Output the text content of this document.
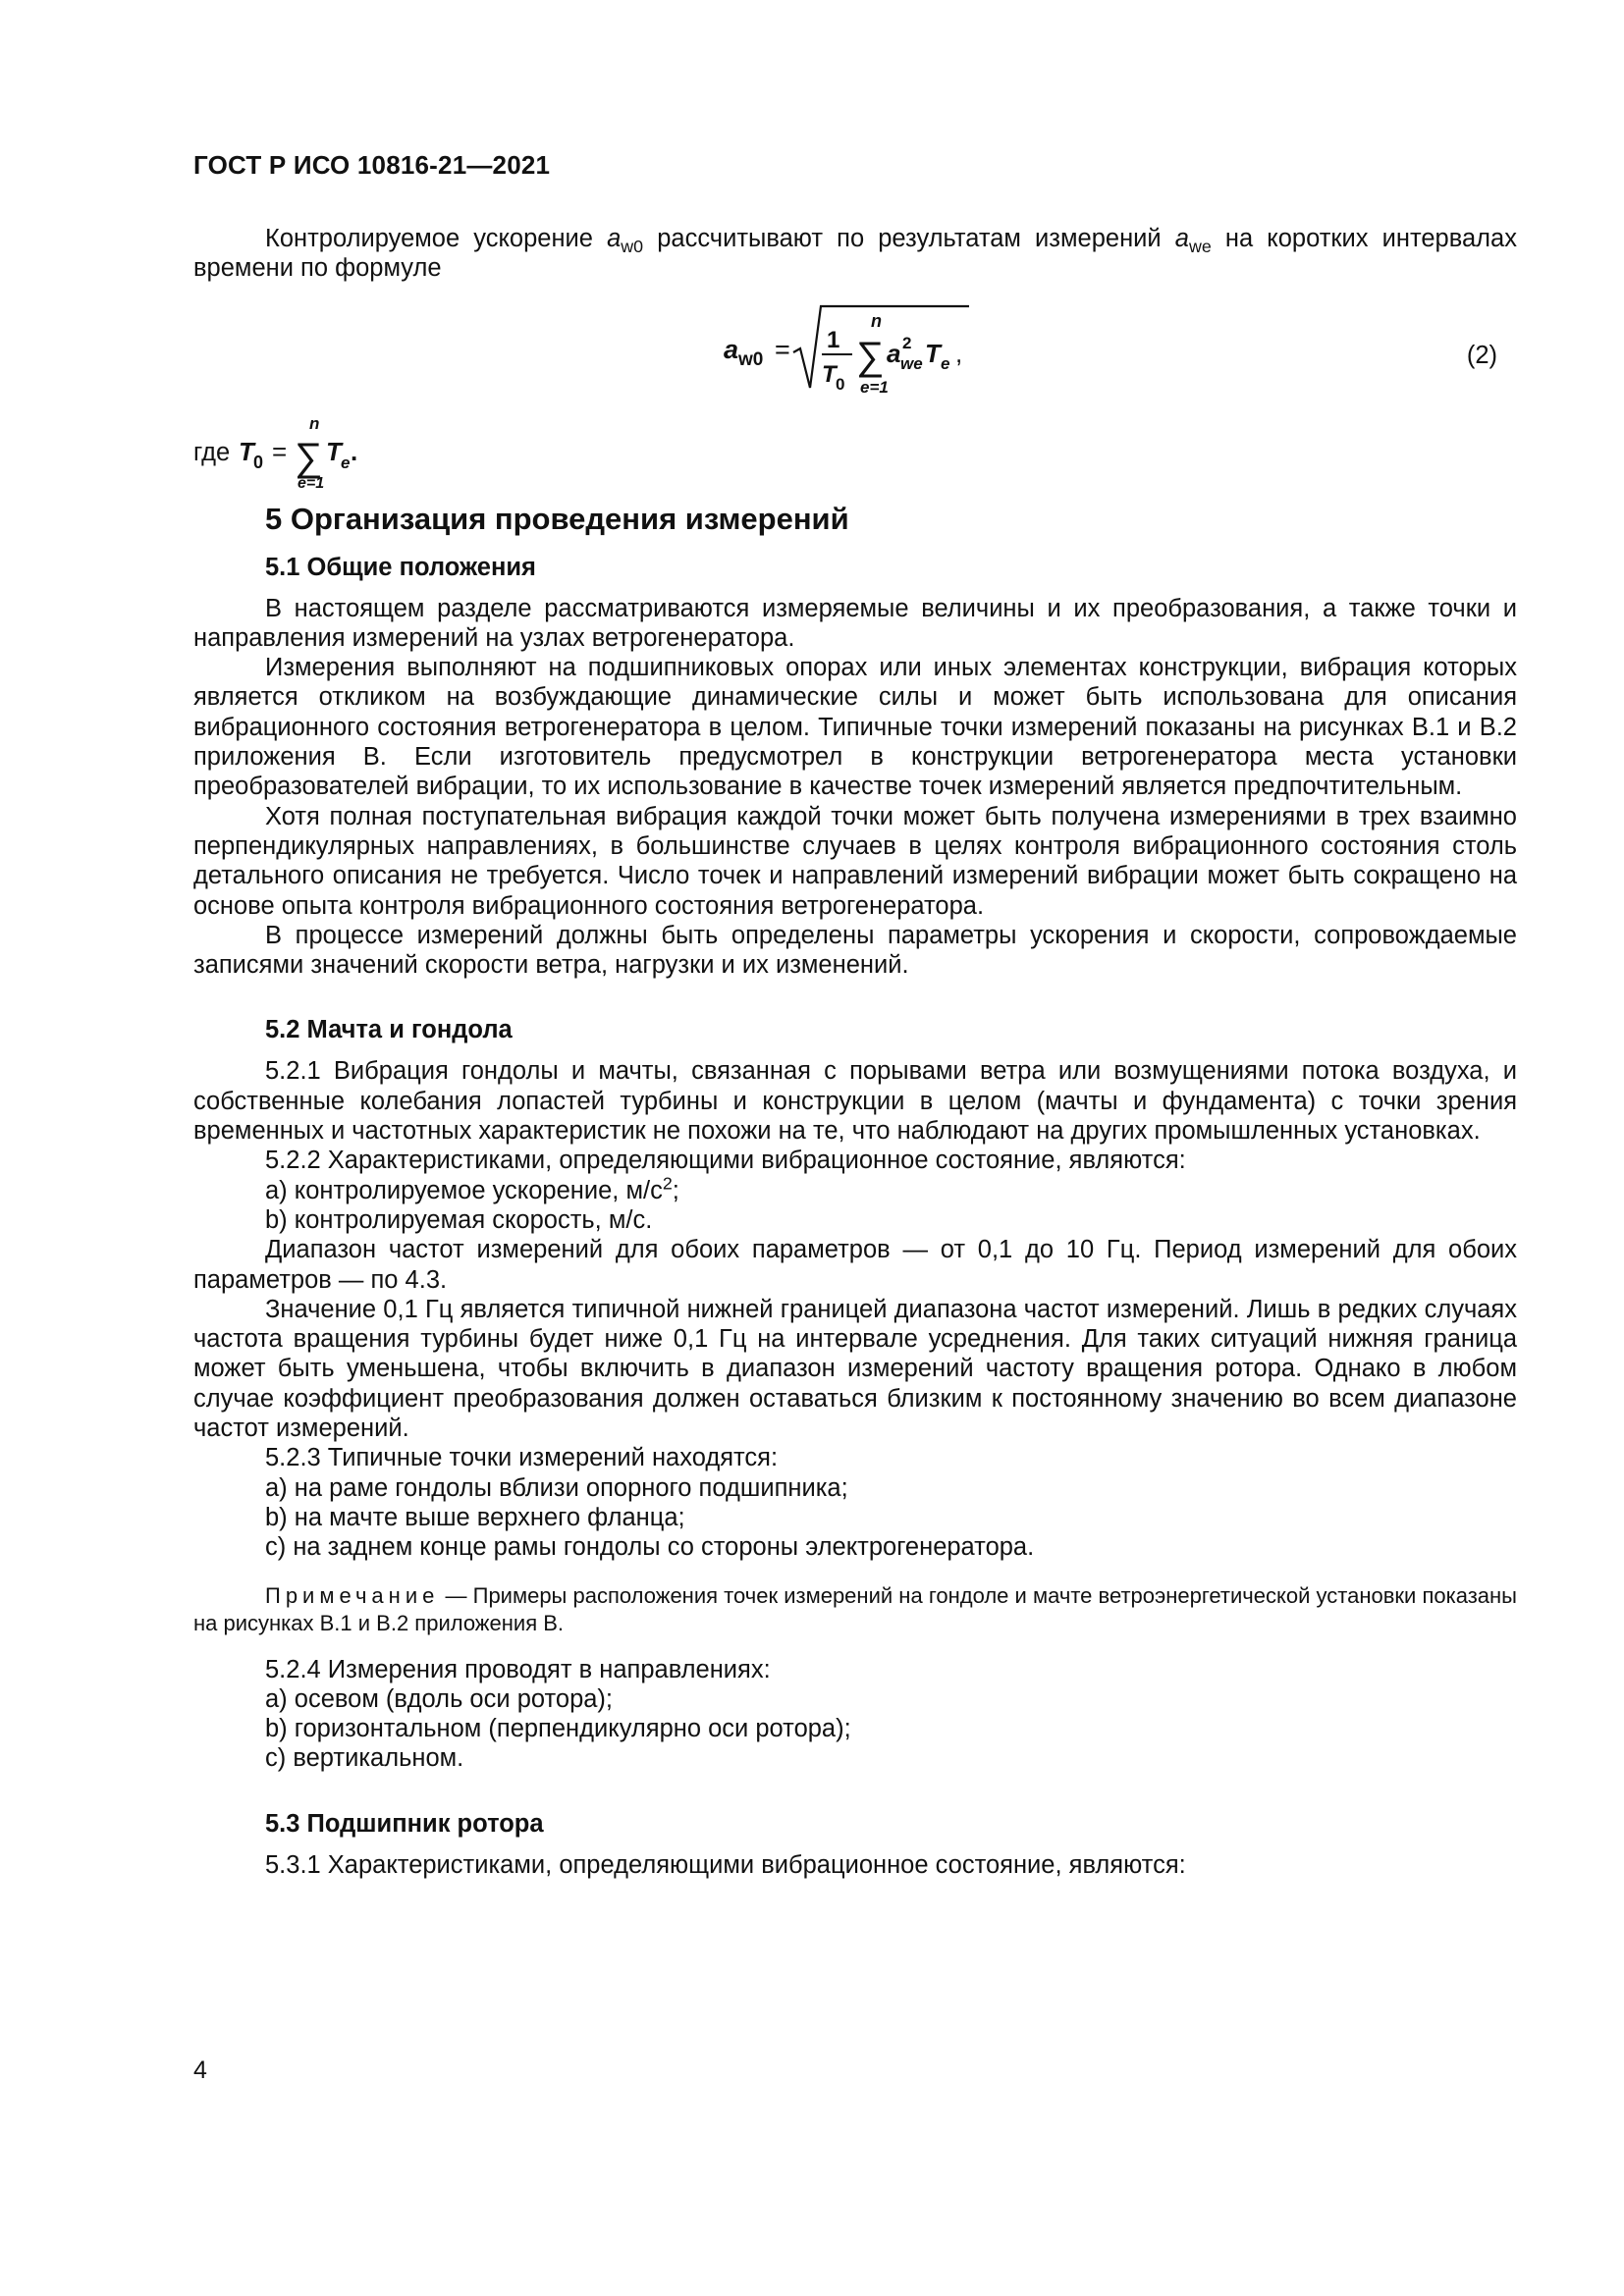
ГОСТ Р ИСО 10816-21—2021

Контролируемое ускорение $a_{w0}$ рассчитывают по результатам измерений $a_{we}$ на коротких интервалах времени по формуле

a w0 = 1
T 0
n
∑
e=1
a 2
we T e ,	(2)
где T 0 =
n
∑
e=1
T e .
5 Организация проведения измерений
5.1 Общие положения

В настоящем разделе рассматриваются измеряемые величины и их преобразования, а также точки и направления измерений на узлах ветрогенератора.

Измерения выполняют на подшипниковых опорах или иных элементах конструкции, вибрация которых является откликом на возбуждающие динамические силы и может быть использована для описания вибрационного состояния ветрогенератора в целом. Типичные точки измерений показаны на рисунках В.1 и В.2 приложения В. Если изготовитель предусмотрел в конструкции ветрогенератора места установки преобразователей вибрации, то их использование в качестве точек измерений является предпочтительным.

Хотя полная поступательная вибрация каждой точки может быть получена измерениями в трех взаимно перпендикулярных направлениях, в большинстве случаев в целях контроля вибрационного состояния столь детального описания не требуется. Число точек и направлений измерений вибрации может быть сокращено на основе опыта контроля вибрационного состояния ветрогенератора.

В процессе измерений должны быть определены параметры ускорения и скорости, сопровождаемые записями значений скорости ветра, нагрузки и их изменений.

5.2 Мачта и гондола

5.2.1 Вибрация гондолы и мачты, связанная с порывами ветра или возмущениями потока воздуха, и собственные колебания лопастей турбины и конструкции в целом (мачты и фундамента) с точки зрения временных и частотных характеристик не похожи на те, что наблюдают на других промышленных установках.

5.2.2 Характеристиками, определяющими вибрационное состояние, являются:

a) контролируемое ускорение, $м/с^2$;

b) контролируемая скорость, м/с.

Диапазон частот измерений для обоих параметров — от 0,1 до 10 Гц. Период измерений для обоих параметров — по 4.3.

Значение 0,1 Гц является типичной нижней границей диапазона частот измерений. Лишь в редких случаях частота вращения турбины будет ниже 0,1 Гц на интервале усреднения. Для таких ситуаций нижняя граница может быть уменьшена, чтобы включить в диапазон измерений частоту вращения ротора. Однако в любом случае коэффициент преобразования должен оставаться близким к постоянному значению во всем диапазоне частот измерений.

5.2.3 Типичные точки измерений находятся:

a) на раме гондолы вблизи опорного подшипника;

b) на мачте выше верхнего фланца;

c) на заднем конце рамы гондолы со стороны электрогенератора.

Примечание — Примеры расположения точек измерений на гондоле и мачте ветроэнергетической установки показаны на рисунках В.1 и В.2 приложения В.

5.2.4 Измерения проводят в направлениях:

a) осевом (вдоль оси ротора);

b) горизонтальном (перпендикулярно оси ротора);

c) вертикальном.

5.3 Подшипник ротора

5.3.1 Характеристиками, определяющими вибрационное состояние, являются:

4
